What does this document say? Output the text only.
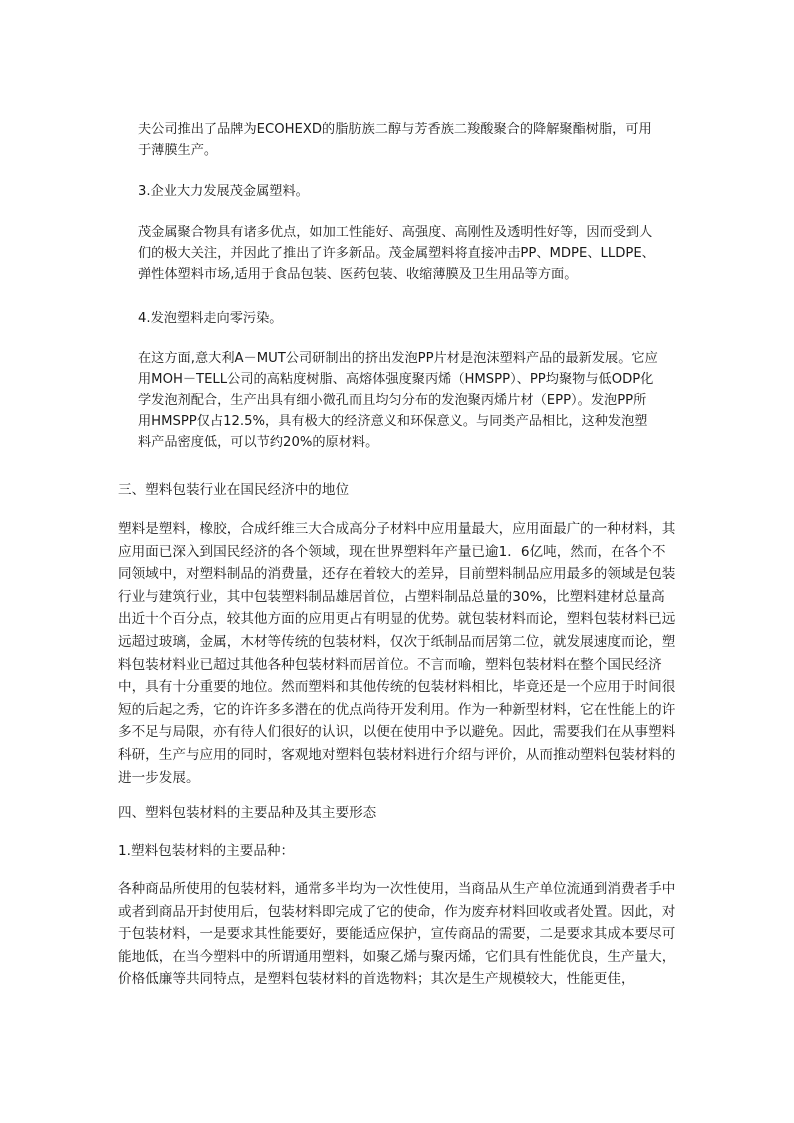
夫公司推出了品牌为ECOHEXD的脂肪族二醇与芳香族二羧酸聚合的降解聚酯树脂，可用于薄膜生产。

3.企业大力发展茂金属塑料。

茂金属聚合物具有诸多优点，如加工性能好、高强度、高刚性及透明性好等，因而受到人们的极大关注，并因此了推出了许多新品。茂金属塑料将直接冲击PP、MDPE、LLDPE、弹性体塑料市场,适用于食品包装、医药包装、收缩薄膜及卫生用品等方面。

4.发泡塑料走向零污染。

在这方面,意大利A－MUT公司研制出的挤出发泡PP片材是泡沫塑料产品的最新发展。它应用MOH－TELL公司的高粘度树脂、高熔体强度聚丙烯（HMSPP）、PP均聚物与低ODP化学发泡剂配合，生产出具有细小微孔而且均匀分布的发泡聚丙烯片材（EPP）。发泡PP所用HMSPP仅占12.5%，具有极大的经济意义和环保意义。与同类产品相比，这种发泡塑料产品密度低，可以节约20%的原材料。

三、塑料包装行业在国民经济中的地位

塑料是塑料，橡胶，合成纤维三大合成高分子材料中应用量最大，应用面最广的一种材料，其应用面已深入到国民经济的各个领域，现在世界塑料年产量已逾1．6亿吨，然而，在各个不同领域中，对塑料制品的消费量，还存在着较大的差异，目前塑料制品应用最多的领域是包装行业与建筑行业，其中包装塑料制品雄居首位，占塑料制品总量的30%，比塑料建材总量高出近十个百分点，较其他方面的应用更占有明显的优势。就包装材料而论，塑料包装材料已远远超过玻璃，金属，木材等传统的包装材料，仅次于纸制品而居第二位，就发展速度而论，塑料包装材料业已超过其他各种包装材料而居首位。不言而喻，塑料包装材料在整个国民经济中，具有十分重要的地位。然而塑料和其他传统的包装材料相比，毕竟还是一个应用于时间很短的后起之秀，它的许许多多潜在的优点尚待开发利用。作为一种新型材料，它在性能上的许多不足与局限，亦有待人们很好的认识，以便在使用中予以避免。因此，需要我们在从事塑料科研，生产与应用的同时，客观地对塑料包装材料进行介绍与评价，从而推动塑料包装材料的进一步发展。

四、塑料包装材料的主要品种及其主要形态

1.塑料包装材料的主要品种：

各种商品所使用的包装材料，通常多半均为一次性使用，当商品从生产单位流通到消费者手中或者到商品开封使用后，包装材料即完成了它的使命，作为废弃材料回收或者处置。因此，对于包装材料，一是要求其性能要好，要能适应保护，宣传商品的需要，二是要求其成本要尽可能地低，在当今塑料中的所谓通用塑料，如聚乙烯与聚丙烯，它们具有性能优良，生产量大，价格低廉等共同特点，是塑料包装材料的首选物料；其次是生产规模较大，性能更佳，
